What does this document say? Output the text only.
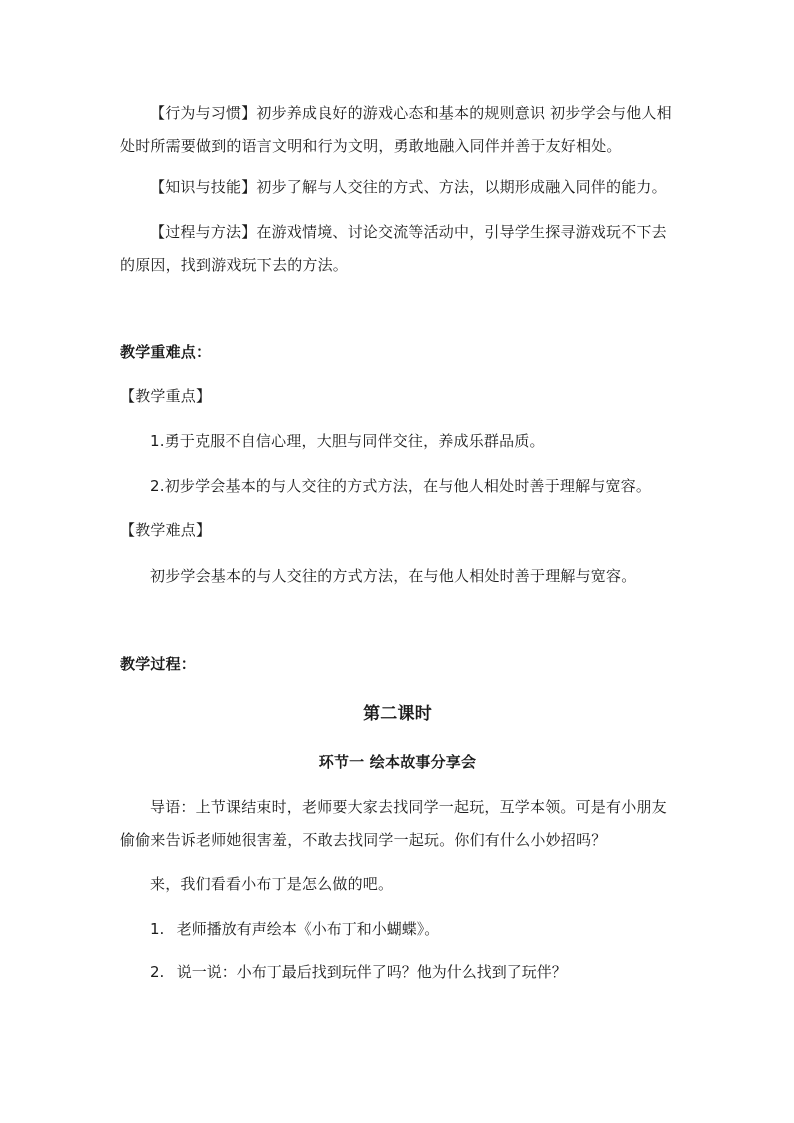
【行为与习惯】初步养成良好的游戏心态和基本的规则意识 初步学会与他人相处时所需要做到的语言文明和行为文明，勇敢地融入同伴并善于友好相处。
【知识与技能】初步了解与人交往的方式、方法，以期形成融入同伴的能力。
【过程与方法】在游戏情境、讨论交流等活动中，引导学生探寻游戏玩不下去的原因，找到游戏玩下去的方法。
教学重难点：
【教学重点】
1.勇于克服不自信心理，大胆与同伴交往，养成乐群品质。
2.初步学会基本的与人交往的方式方法，在与他人相处时善于理解与宽容。
【教学难点】
初步学会基本的与人交往的方式方法，在与他人相处时善于理解与宽容。
教学过程：
第二课时
环节一 绘本故事分享会
导语：上节课结束时，老师要大家去找同学一起玩，互学本领。可是有小朋友偷偷来告诉老师她很害羞，不敢去找同学一起玩。你们有什么小妙招吗？
来，我们看看小布丁是怎么做的吧。
1. 老师播放有声绘本《小布丁和小蝴蝶》。
2. 说一说：小布丁最后找到玩伴了吗？他为什么找到了玩伴？
